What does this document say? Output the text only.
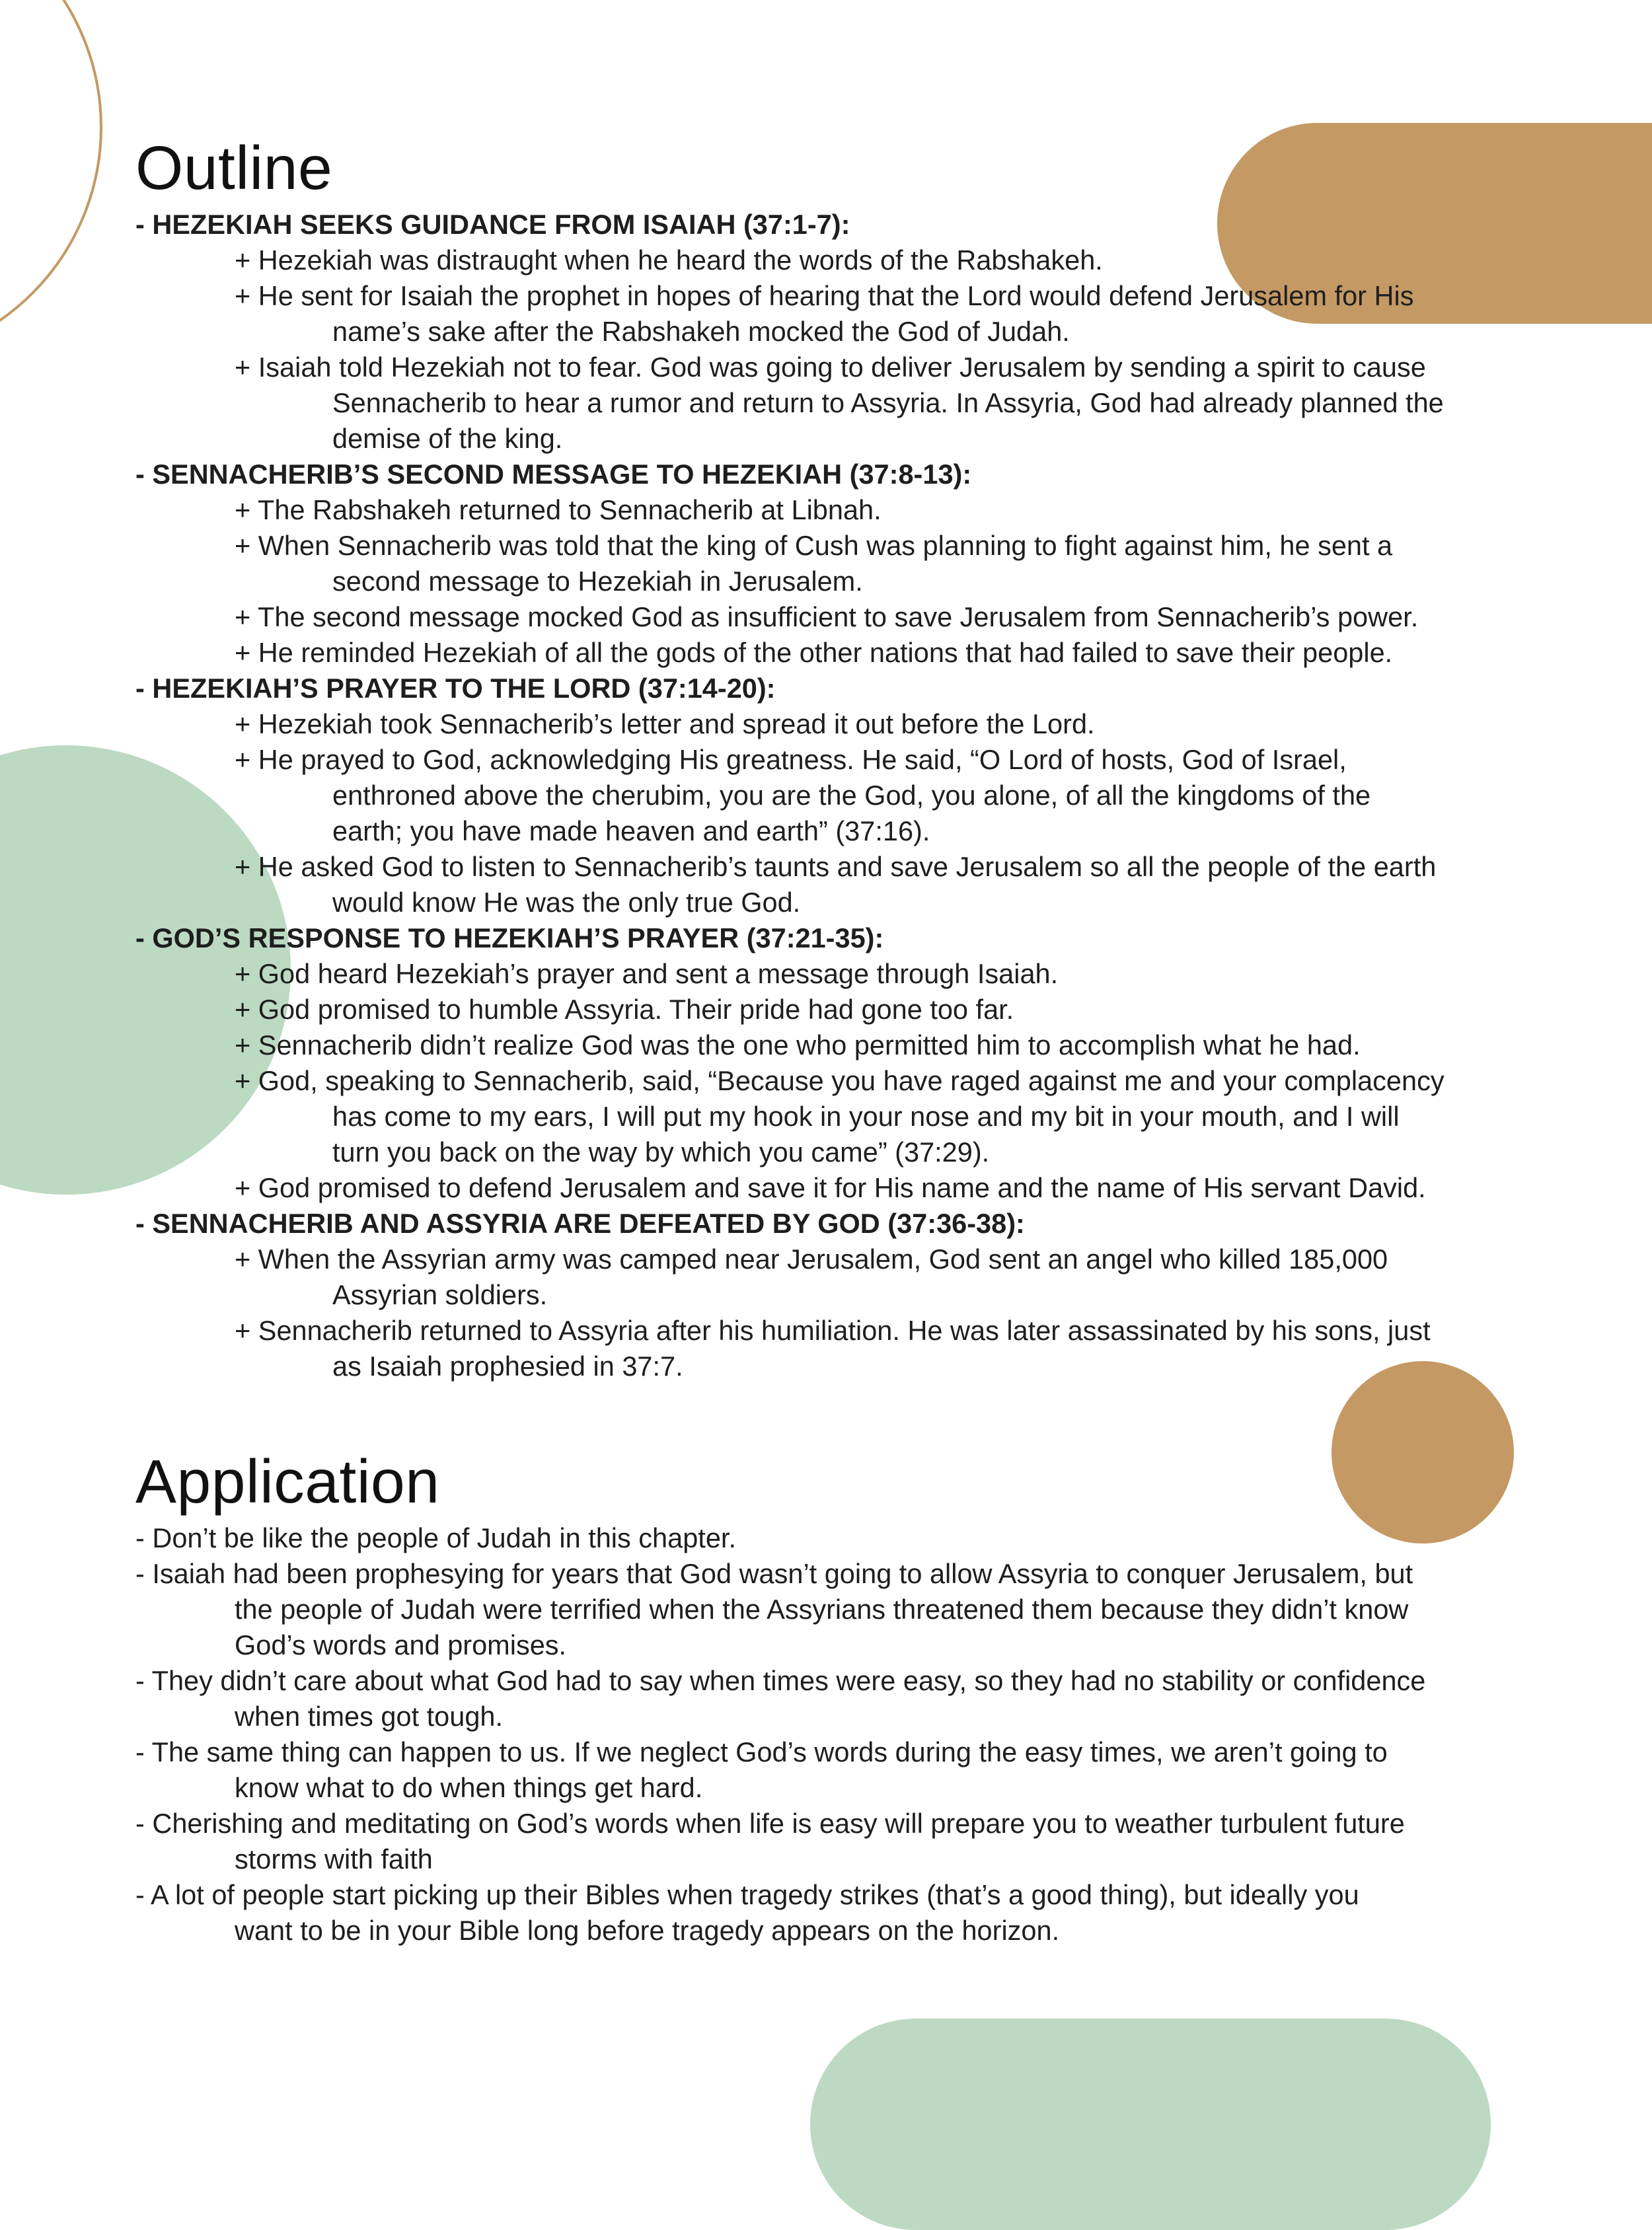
Outline
- HEZEKIAH SEEKS GUIDANCE FROM ISAIAH (37:1-7):
+ Hezekiah was distraught when he heard the words of the Rabshakeh.
+ He sent for Isaiah the prophet in hopes of hearing that the Lord would defend Jerusalem for His
name’s sake after the Rabshakeh mocked the God of Judah.
+ Isaiah told Hezekiah not to fear. God was going to deliver Jerusalem by sending a spirit to cause
Sennacherib to hear a rumor and return to Assyria. In Assyria, God had already planned the
demise of the king.
- SENNACHERIB’S SECOND MESSAGE TO HEZEKIAH (37:8-13):
+ The Rabshakeh returned to Sennacherib at Libnah.
+ When Sennacherib was told that the king of Cush was planning to fight against him, he sent a
second message to Hezekiah in Jerusalem.
+ The second message mocked God as insufficient to save Jerusalem from Sennacherib’s power.
+ He reminded Hezekiah of all the gods of the other nations that had failed to save their people.
- HEZEKIAH’S PRAYER TO THE LORD (37:14-20):
+ Hezekiah took Sennacherib’s letter and spread it out before the Lord.
+ He prayed to God, acknowledging His greatness. He said, “O Lord of hosts, God of Israel,
enthroned above the cherubim, you are the God, you alone, of all the kingdoms of the
earth; you have made heaven and earth” (37:16).
+ He asked God to listen to Sennacherib’s taunts and save Jerusalem so all the people of the earth
would know He was the only true God.
- GOD’S RESPONSE TO HEZEKIAH’S PRAYER (37:21-35):
+ God heard Hezekiah’s prayer and sent a message through Isaiah.
+ God promised to humble Assyria. Their pride had gone too far.
+ Sennacherib didn’t realize God was the one who permitted him to accomplish what he had.
+ God, speaking to Sennacherib, said, “Because you have raged against me and your complacency
has come to my ears, I will put my hook in your nose and my bit in your mouth, and I will
turn you back on the way by which you came” (37:29).
+ God promised to defend Jerusalem and save it for His name and the name of His servant David.
- SENNACHERIB AND ASSYRIA ARE DEFEATED BY GOD (37:36-38):
+ When the Assyrian army was camped near Jerusalem, God sent an angel who killed 185,000
Assyrian soldiers.
+ Sennacherib returned to Assyria after his humiliation. He was later assassinated by his sons, just
as Isaiah prophesied in 37:7.
Application
- Don’t be like the people of Judah in this chapter.
- Isaiah had been prophesying for years that God wasn’t going to allow Assyria to conquer Jerusalem, but
the people of Judah were terrified when the Assyrians threatened them because they didn’t know
God’s words and promises.
- They didn’t care about what God had to say when times were easy, so they had no stability or confidence
when times got tough.
- The same thing can happen to us. If we neglect God’s words during the easy times, we aren’t going to
know what to do when things get hard.
- Cherishing and meditating on God’s words when life is easy will prepare you to weather turbulent future
storms with faith
- A lot of people start picking up their Bibles when tragedy strikes (that’s a good thing), but ideally you
want to be in your Bible long before tragedy appears on the horizon.
